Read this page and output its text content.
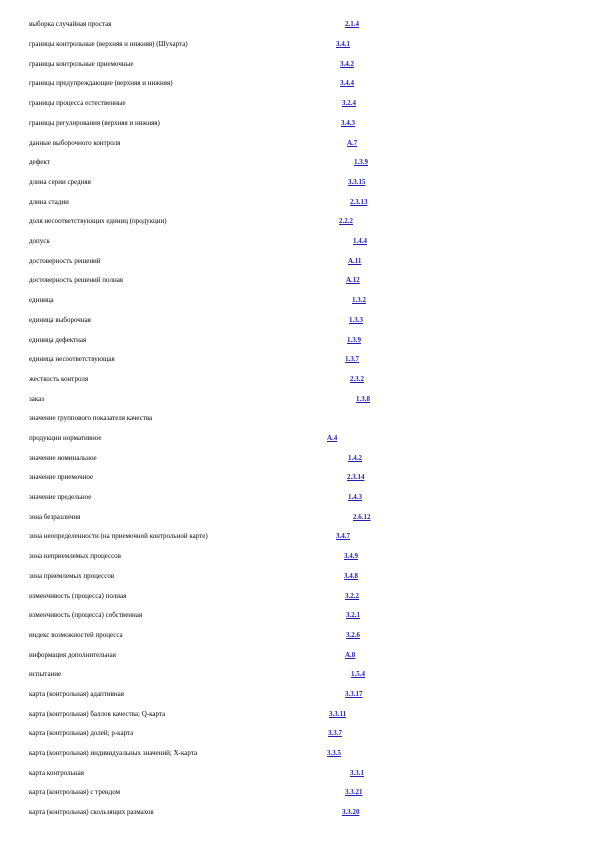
выборка случайная простая	2.1.4
границы контрольные (верхняя и нижняя) (Шухарта)	3.4.1
границы контрольные приемочные	3.4.2
границы предупреждающие (верхняя и нижняя)	3.4.4
границы процесса естественные	3.2.4
границы регулирования (верхняя и нижняя)	3.4.3
данные выборочного контроля	А.7
дефект	1.3.9
длина серии средняя	3.3.15
длина стадии	2.3.13
доля несоответствующих единиц (продукции)	2.2.2
допуск	1.4.4
достоверность решений	А.11
достоверность решений полная	А.12
единица	1.3.2
единица выборочная	1.3.3
единица дефектная	1.3.9
единица несоответствующая	1.3.7
жесткость контроля	2.3.2
заказ	1.3.8
значение группового показателя качества
продукции нормативное	А.4
значение номинальное	1.4.2
значение приемочное	2.3.14
значение предельное	1.4.3
зона безразличия	2.6.12
зона неопределенности (на приемочной контрольной карте)	3.4.7
зона неприемлемых процессов	3.4.9
зона приемлемых процессов	3.4.8
изменчивость (процесса) полная	3.2.2
изменчивость (процесса) собственная	3.2.1
индекс возможностей процесса	3.2.6
информация дополнительная	А.8
испытание	1.5.4
карта (контрольная) адаптивная	3.3.17
карта (контрольная) баллов качества; Q-карта	3.3.11
карта (контрольная) долей; p-карта	3.3.7
карта (контрольная) индивидуальных значений; X-карта	3.3.5
карта контрольная	3.3.1
карта (контрольная) с трендом	3.3.21
карта (контрольная) скользящих размахов	3.3.20
